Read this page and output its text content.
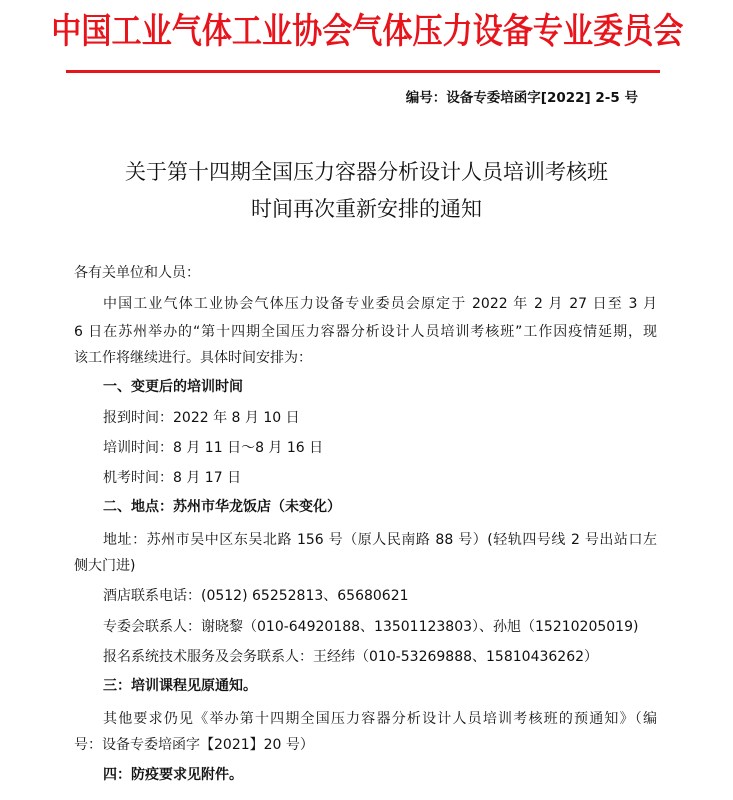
中国工业气体工业协会气体压力设备专业委员会
编号：设备专委培函字[2022] 2-5 号
关于第十四期全国压力容器分析设计人员培训考核班
时间再次重新安排的通知
各有关单位和人员：
中国工业气体工业协会气体压力设备专业委员会原定于 2022 年 2 月 27 日至 3 月
6 日在苏州举办的“第十四期全国压力容器分析设计人员培训考核班”工作因疫情延期，现
该工作将继续进行。具体时间安排为：
一、变更后的培训时间
报到时间：2022 年 8 月 10 日
培训时间：8 月 11 日～8 月 16 日
机考时间：8 月 17 日
二、地点：苏州市华龙饭店（未变化）
地址：苏州市吴中区东吴北路 156 号（原人民南路 88 号）(轻轨四号线 2 号出站口左
侧大门进)
酒店联系电话：(0512) 65252813、65680621
专委会联系人：谢晓黎（010-64920188、13501123803）、孙旭（15210205019)
报名系统技术服务及会务联系人：王经纬（010-53269888、15810436262）
三：培训课程见原通知。
其他要求仍见《举办第十四期全国压力容器分析设计人员培训考核班的预通知》（编
号：设备专委培函字【2021】20 号）
四：防疫要求见附件。
